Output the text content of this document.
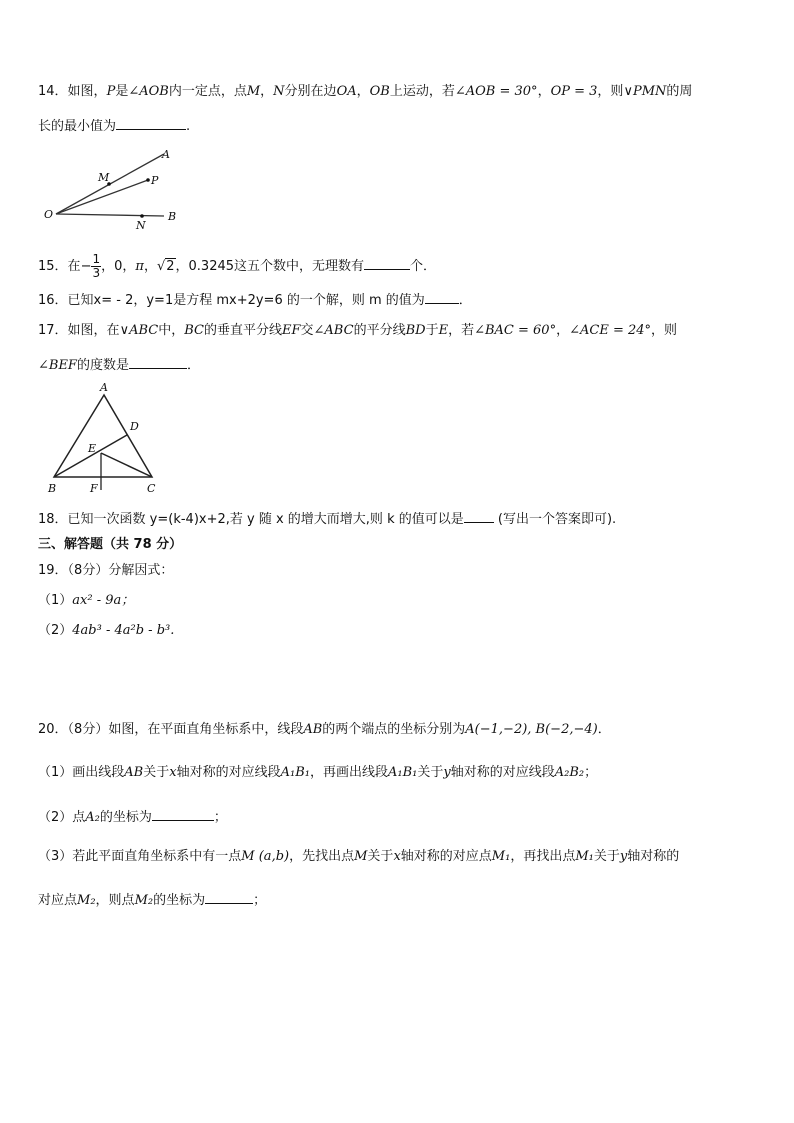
14．如图，P是∠AOB内一定点，点M，N分别在边OA，OB上运动，若∠AOB = 30°，OP = 3，则∨PMN的周
长的最小值为	.
A
M	P
O
N
B
15．在− $\frac{1}{3}$ ，0，π，√2，0.3245这五个数中，无理数有	个．
16．已知x= - 2，y=1是方程 mx+2y=6 的一个解，则 m 的值为	．
17．如图，在∨ABC中，BC的垂直平分线EF交∠ABC的平分线BD于E，若∠BAC = 60°，∠ACE = 24°，则
∠BEF的度数是	．
A
D
E
B	F	C
18．已知一次函数 y=(k-4)x+2,若 y 随 x 的增大而增大,则 k 的值可以是	(写出一个答案即可).
三、解答题（共 78 分）
19．（8分）分解因式：
（1）ax² - 9a；
（2）4ab³ - 4a²b - b³.
20．（8分）如图，在平面直角坐标系中，线段AB的两个端点的坐标分别为A(−1,−2), B(−2,−4)．
（1）画出线段AB关于x轴对称的对应线段A₁B₁，再画出线段A₁B₁关于y轴对称的对应线段A₂B₂；
（2）点A₂的坐标为	；
（3）若此平面直角坐标系中有一点M (a,b)，先找出点M关于x轴对称的对应点M₁，再找出点M₁关于y轴对称的
对应点M₂，则点M₂的坐标为	；
